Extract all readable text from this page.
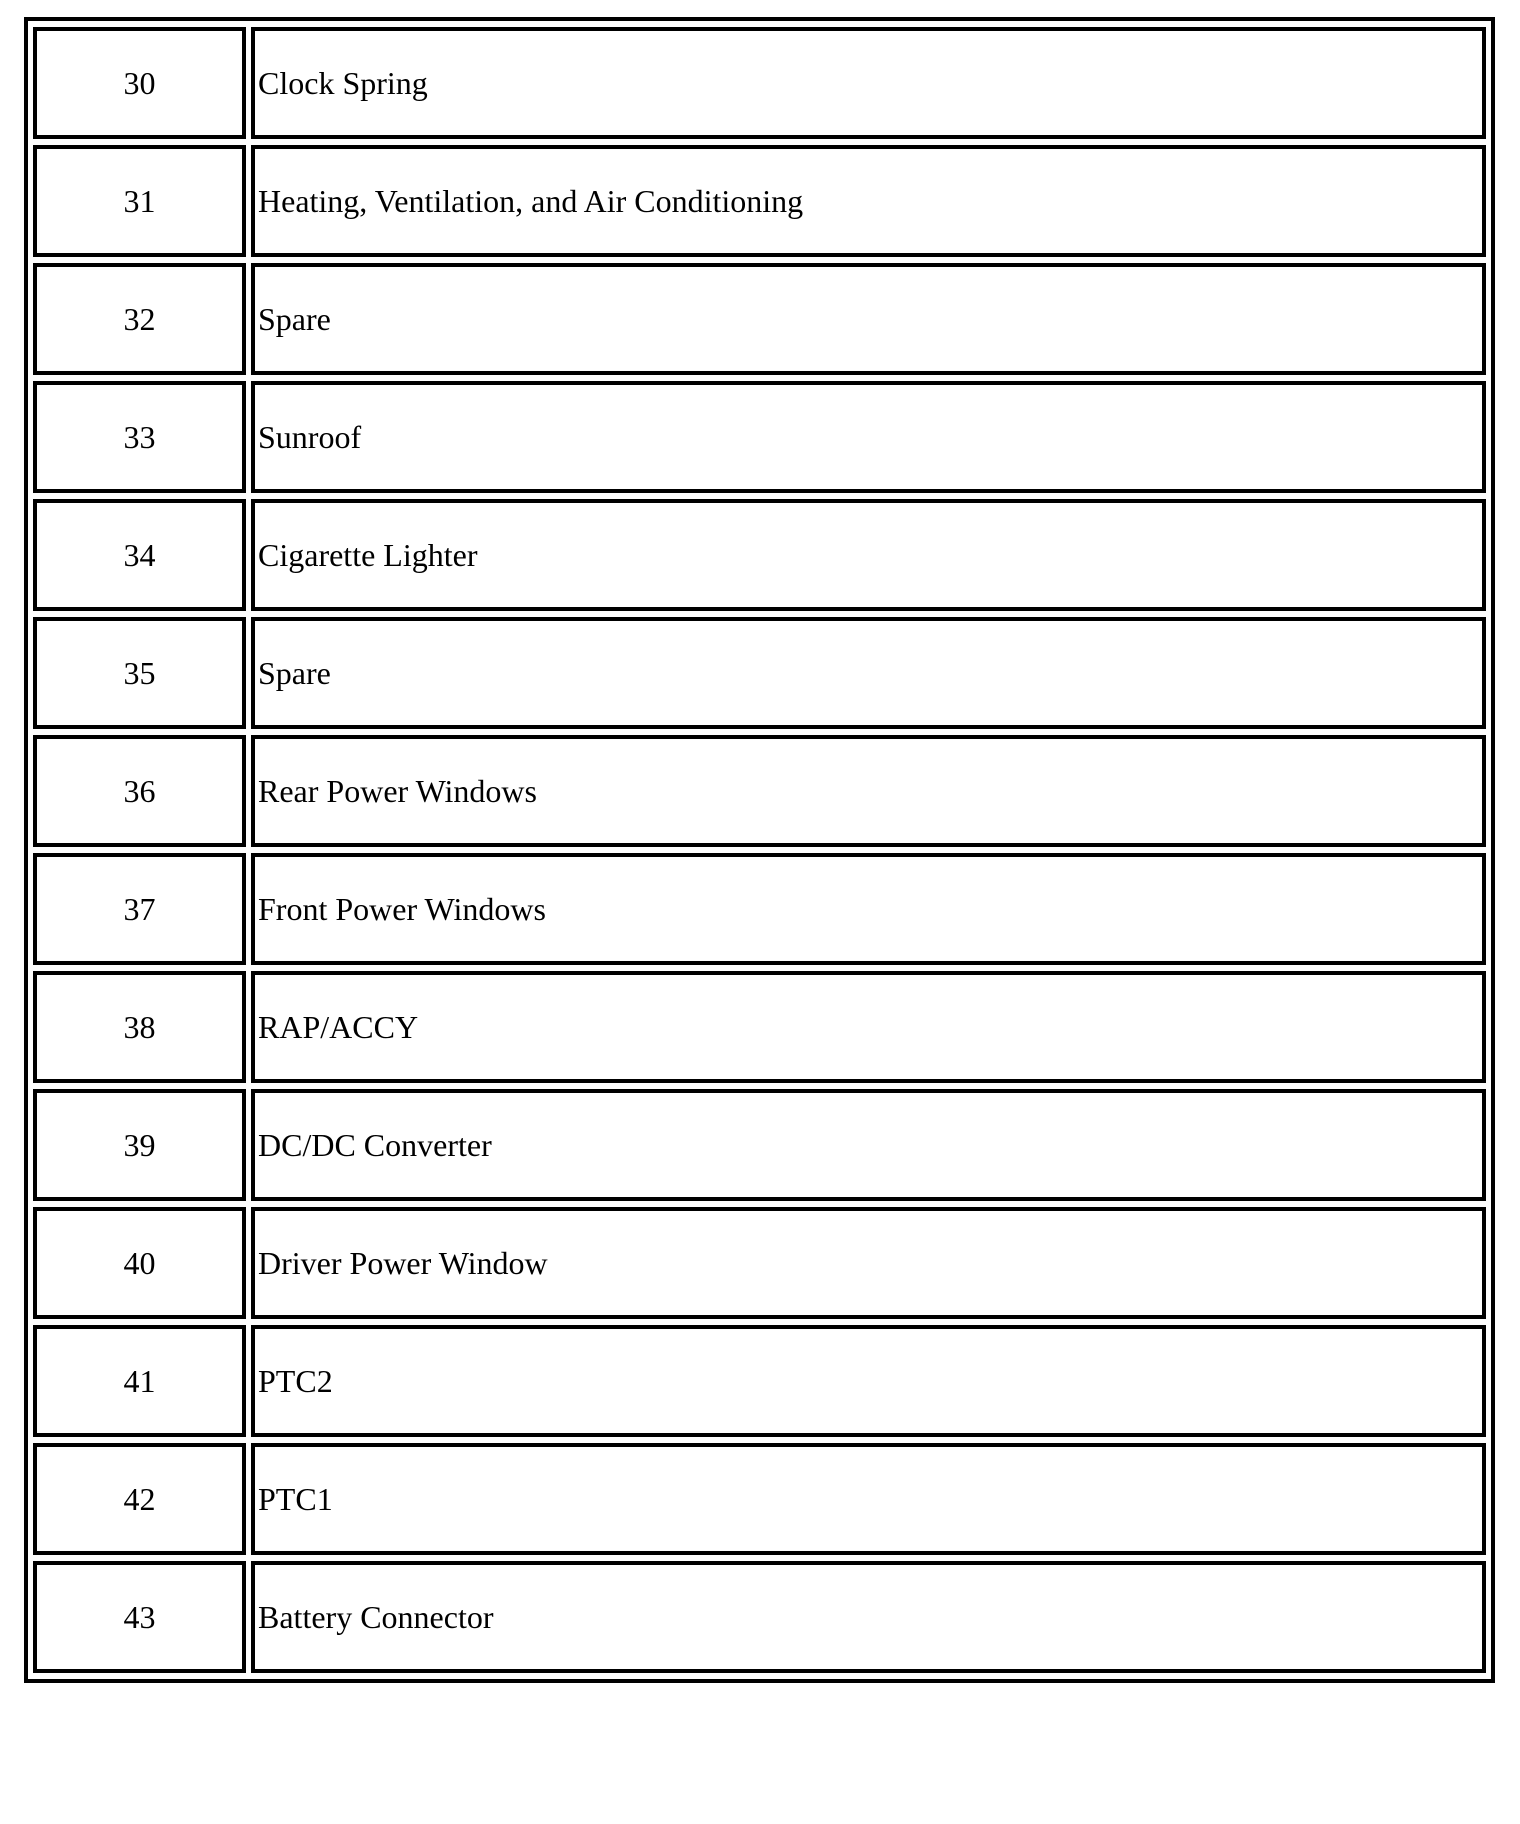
30	Clock Spring
31	Heating, Ventilation, and Air Conditioning
32	Spare
33	Sunroof
34	Cigarette Lighter
35	Spare
36	Rear Power Windows
37	Front Power Windows
38	RAP/ACCY
39	DC/DC Converter
40	Driver Power Window
41	PTC2
42	PTC1
43	Battery Connector
